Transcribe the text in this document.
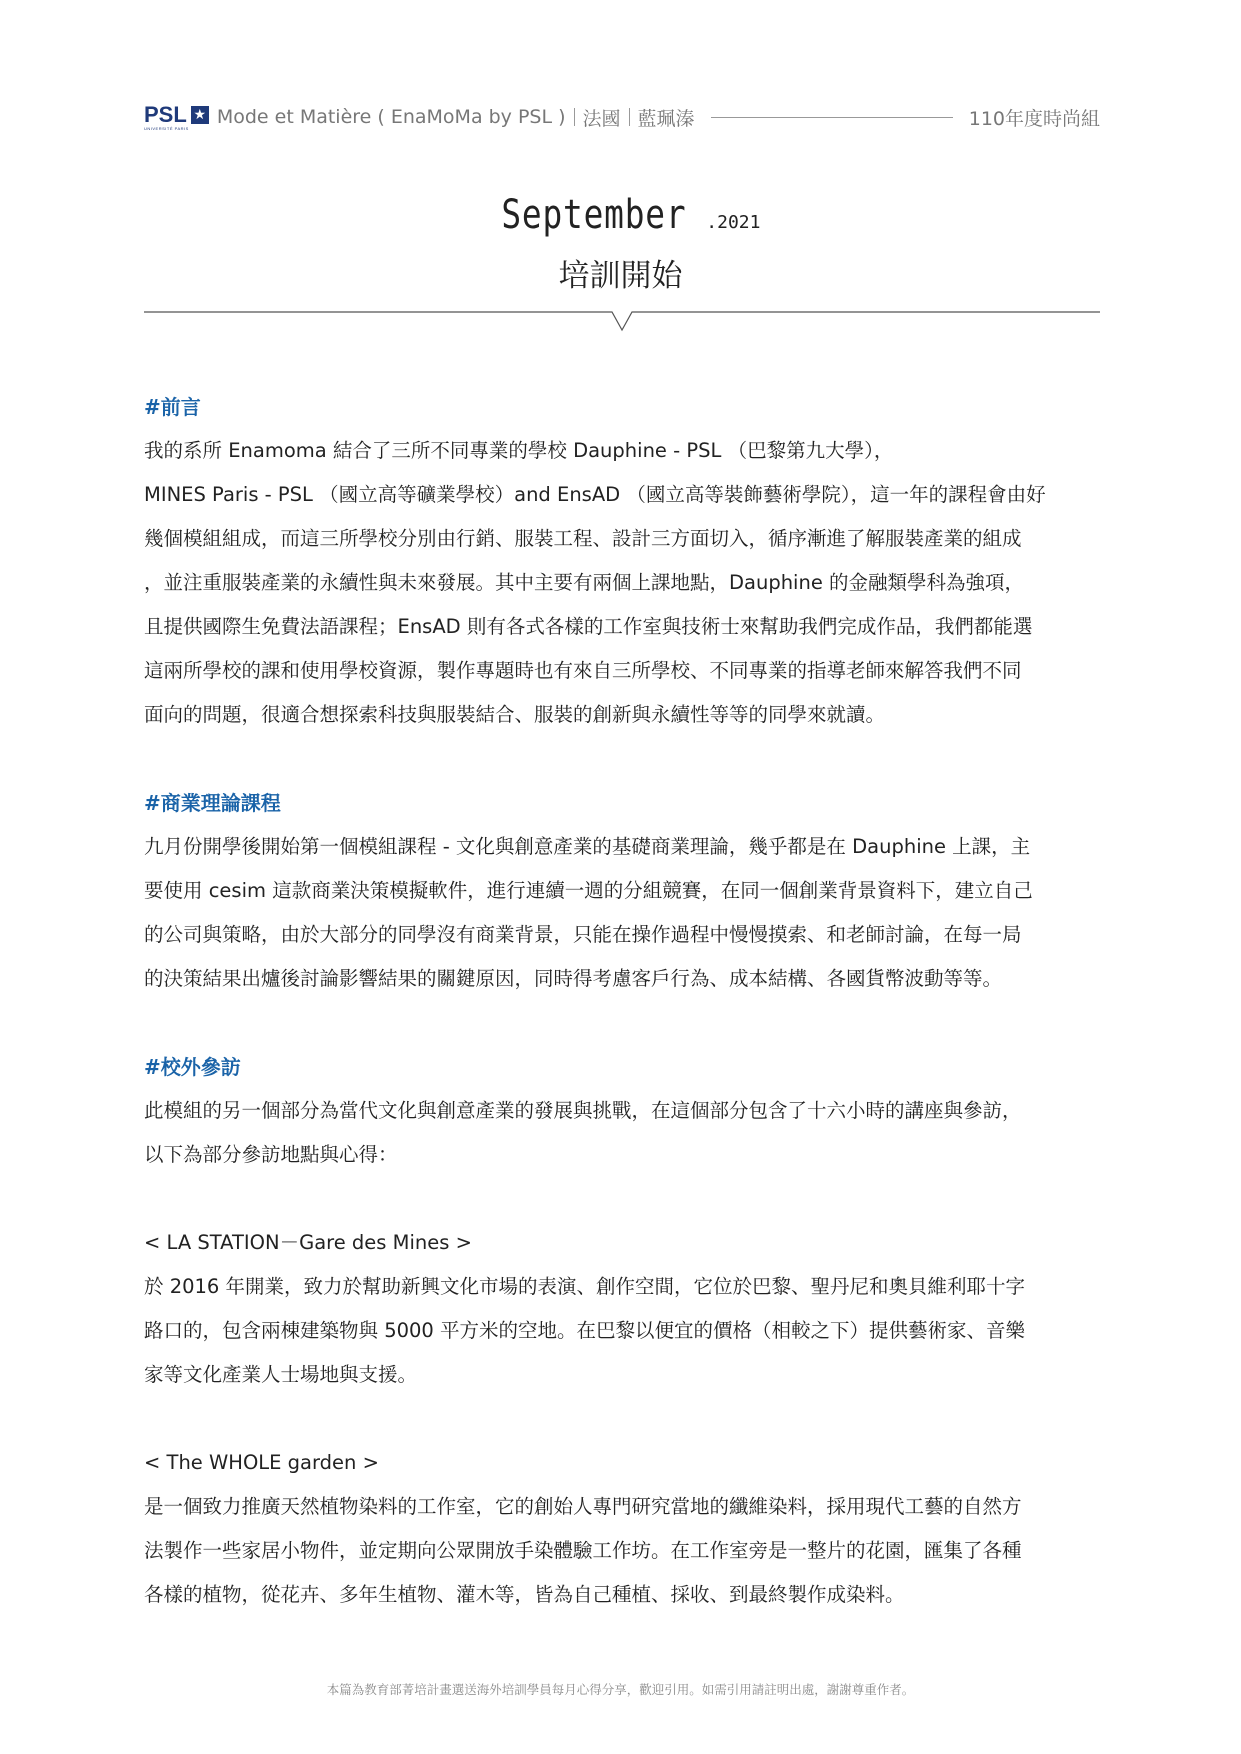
PSL
UNIVERSITÉ PARIS
★ Mode et Matière ( EnaMoMa by PSL ) 法國 藍珮溱	110年度時尚組
September .2021
培訓開始
#前言

我的系所 Enamoma 結合了三所不同專業的學校 Dauphine - PSL （巴黎第九大學），

MINES Paris - PSL （國立高等礦業學校）and EnsAD （國立高等裝飾藝術學院），這一年的課程會由好

幾個模組組成，而這三所學校分別由行銷、服裝工程、設計三方面切入，循序漸進了解服裝產業的組成

，並注重服裝產業的永續性與未來發展。其中主要有兩個上課地點，Dauphine 的金融類學科為強項，

且提供國際生免費法語課程；EnsAD 則有各式各樣的工作室與技術士來幫助我們完成作品，我們都能選

這兩所學校的課和使用學校資源，製作專題時也有來自三所學校、不同專業的指導老師來解答我們不同

面向的問題，很適合想探索科技與服裝結合、服裝的創新與永續性等等的同學來就讀。

#商業理論課程

九月份開學後開始第一個模組課程 - 文化與創意產業的基礎商業理論，幾乎都是在 Dauphine 上課，主

要使用 cesim 這款商業決策模擬軟件，進行連續一週的分組競賽，在同一個創業背景資料下，建立自己

的公司與策略，由於大部分的同學沒有商業背景，只能在操作過程中慢慢摸索、和老師討論，在每一局

的決策結果出爐後討論影響結果的關鍵原因，同時得考慮客戶行為、成本結構、各國貨幣波動等等。

#校外參訪

此模組的另一個部分為當代文化與創意產業的發展與挑戰，在這個部分包含了十六小時的講座與參訪，

以下為部分參訪地點與心得：

< LA STATION－Gare des Mines >

於 2016 年開業，致力於幫助新興文化市場的表演、創作空間，它位於巴黎、聖丹尼和奧貝維利耶十字

路口的，包含兩棟建築物與 5000 平方米的空地。在巴黎以便宜的價格（相較之下）提供藝術家、音樂

家等文化產業人士場地與支援。

< The WHOLE garden >

是一個致力推廣天然植物染料的工作室，它的創始人專門研究當地的纖維染料，採用現代工藝的自然方

法製作一些家居小物件，並定期向公眾開放手染體驗工作坊。在工作室旁是一整片的花園，匯集了各種

各樣的植物，從花卉、多年生植物、灌木等，皆為自己種植、採收、到最終製作成染料。

本篇為教育部菁培計畫選送海外培訓學員每月心得分享，歡迎引用。如需引用請註明出處，謝謝尊重作者。
